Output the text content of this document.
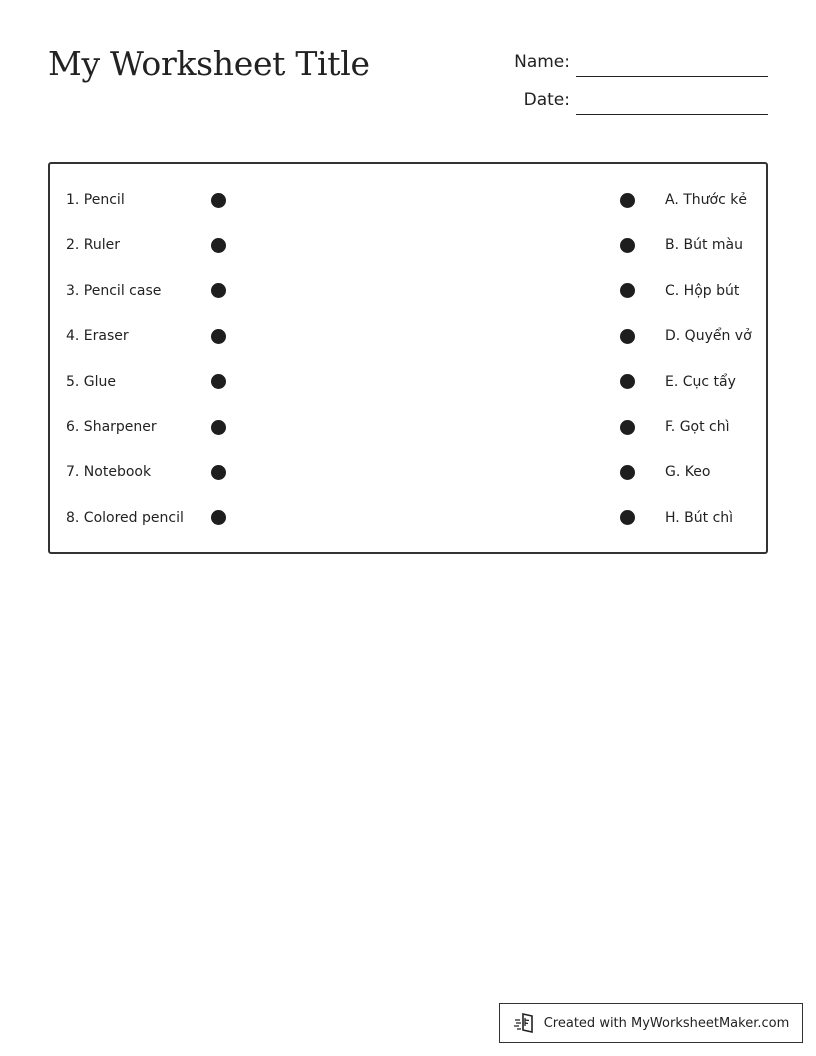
My Worksheet Title	Name:
Date:
1. Pencil	A. Thước kẻ
2. Ruler	B. Bút màu
3. Pencil case	C. Hộp bút
4. Eraser	D. Quyển vở
5. Glue	E. Cục tẩy
6. Sharpener	F. Gọt chì
7. Notebook	G. Keo
8. Colored pencil	H. Bút chì
Created with MyWorksheetMaker.com
